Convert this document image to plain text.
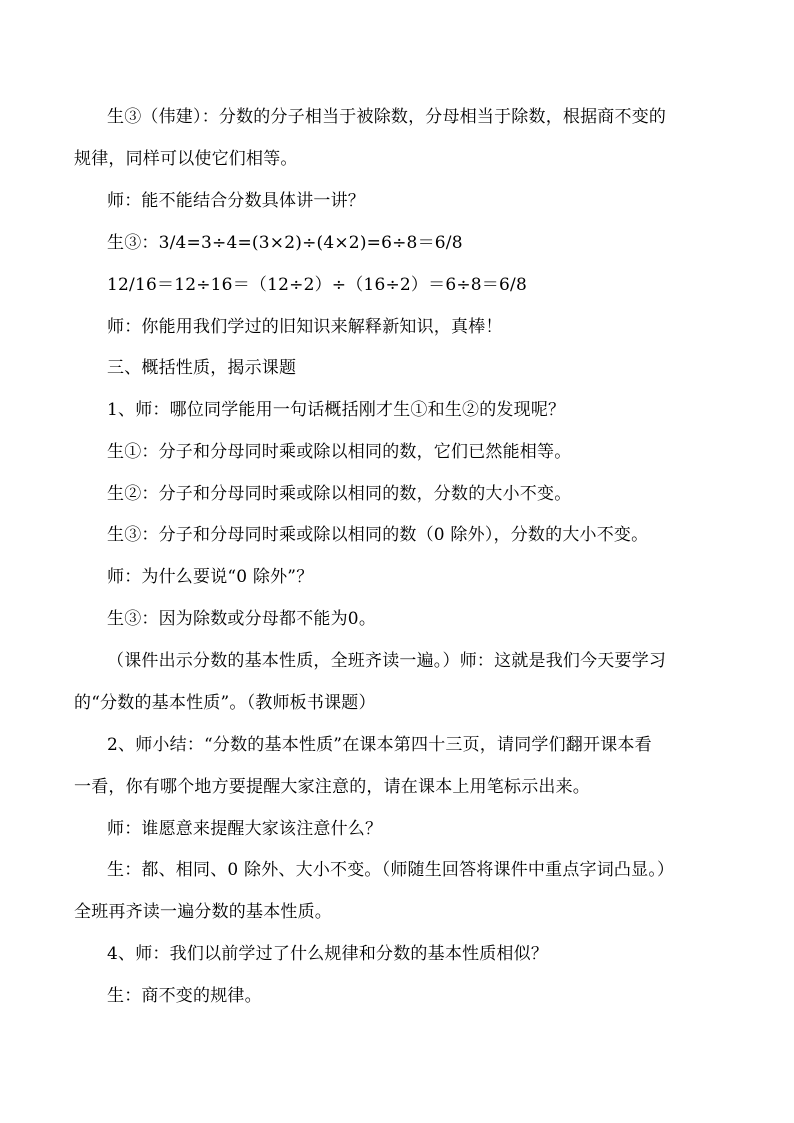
生③（伟建）：分数的分子相当于被除数，分母相当于除数，根据商不变的

规律，同样可以使它们相等。

师：能不能结合分数具体讲一讲？

生③：3/4=3÷4=(3×2)÷(4×2)=6÷8＝6/8

12/16＝12÷16＝（12÷2）÷（16÷2）＝6÷8＝6/8

师：你能用我们学过的旧知识来解释新知识，真棒！

三、概括性质，揭示课题

1、师：哪位同学能用一句话概括刚才生①和生②的发现呢？

生①：分子和分母同时乘或除以相同的数，它们已然能相等。

生②：分子和分母同时乘或除以相同的数，分数的大小不变。

生③：分子和分母同时乘或除以相同的数（0 除外），分数的大小不变。

师：为什么要说“0 除外”？

生③：因为除数或分母都不能为0。

（课件出示分数的基本性质，全班齐读一遍。）师：这就是我们今天要学习

的“分数的基本性质”。（教师板书课题）

2、师小结：“分数的基本性质”在课本第四十三页，请同学们翻开课本看

一看，你有哪个地方要提醒大家注意的，请在课本上用笔标示出来。

师：谁愿意来提醒大家该注意什么？

生：都、相同、0 除外、大小不变。（师随生回答将课件中重点字词凸显。）

全班再齐读一遍分数的基本性质。

4、师：我们以前学过了什么规律和分数的基本性质相似？

生：商不变的规律。
